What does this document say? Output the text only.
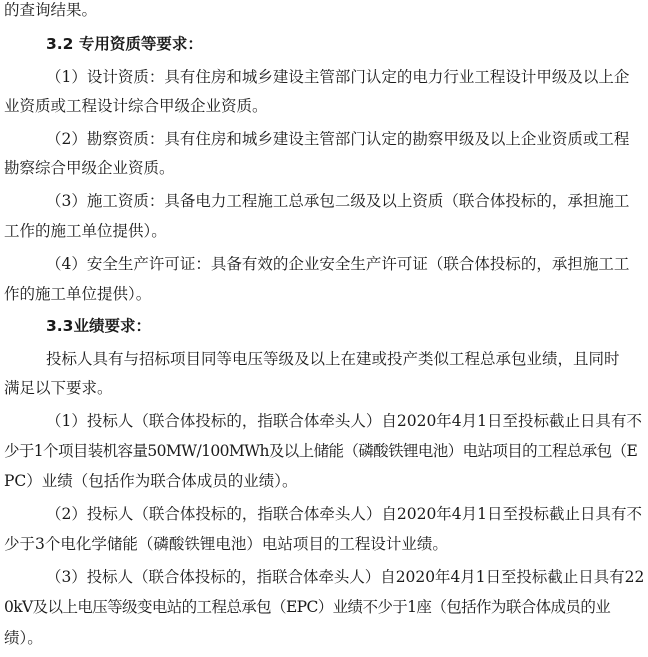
的查询结果。
3.2 专用资质等要求：
（1）设计资质：具有住房和城乡建设主管部门认定的电力行业工程设计甲级及以上企
业资质或工程设计综合甲级企业资质。
（2）勘察资质：具有住房和城乡建设主管部门认定的勘察甲级及以上企业资质或工程
勘察综合甲级企业资质。
（3）施工资质：具备电力工程施工总承包二级及以上资质（联合体投标的，承担施工
工作的施工单位提供）。
（4）安全生产许可证：具备有效的企业安全生产许可证（联合体投标的，承担施工工
作的施工单位提供）。
3.3业绩要求：
投标人具有与招标项目同等电压等级及以上在建或投产类似工程总承包业绩，且同时
满足以下要求。
（1）投标人（联合体投标的，指联合体牵头人）自2020年4月1日至投标截止日具有不
少于1个项目装机容量50MW/100MWh及以上储能（磷酸铁锂电池）电站项目的工程总承包（E
PC）业绩（包括作为联合体成员的业绩）。
（2）投标人（联合体投标的，指联合体牵头人）自2020年4月1日至投标截止日具有不
少于3个电化学储能（磷酸铁锂电池）电站项目的工程设计业绩。
（3）投标人（联合体投标的，指联合体牵头人）自2020年4月1日至投标截止日具有22
0kV及以上电压等级变电站的工程总承包（EPC）业绩不少于1座（包括作为联合体成员的业
绩）。
